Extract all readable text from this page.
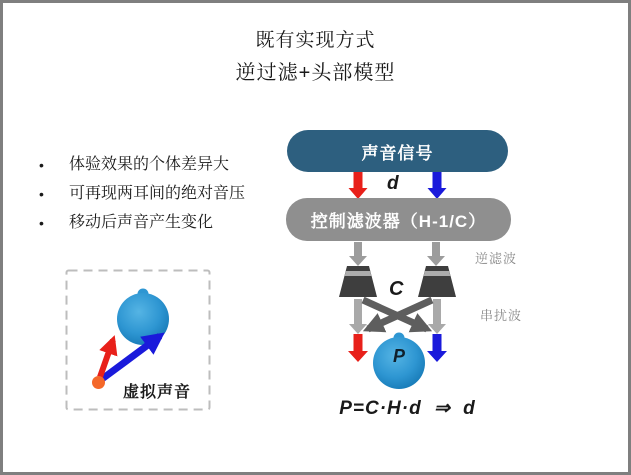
既有实现方式
逆过滤+头部模型
•	体验效果的个体差异大
•	可再现两耳间的绝对音压
•	移动后声音产生变化
虚拟声音
声音信号
d
控制滤波器（H-1/C）
逆滤波
C
串扰波
P
P=C·H·d ⇒ d
